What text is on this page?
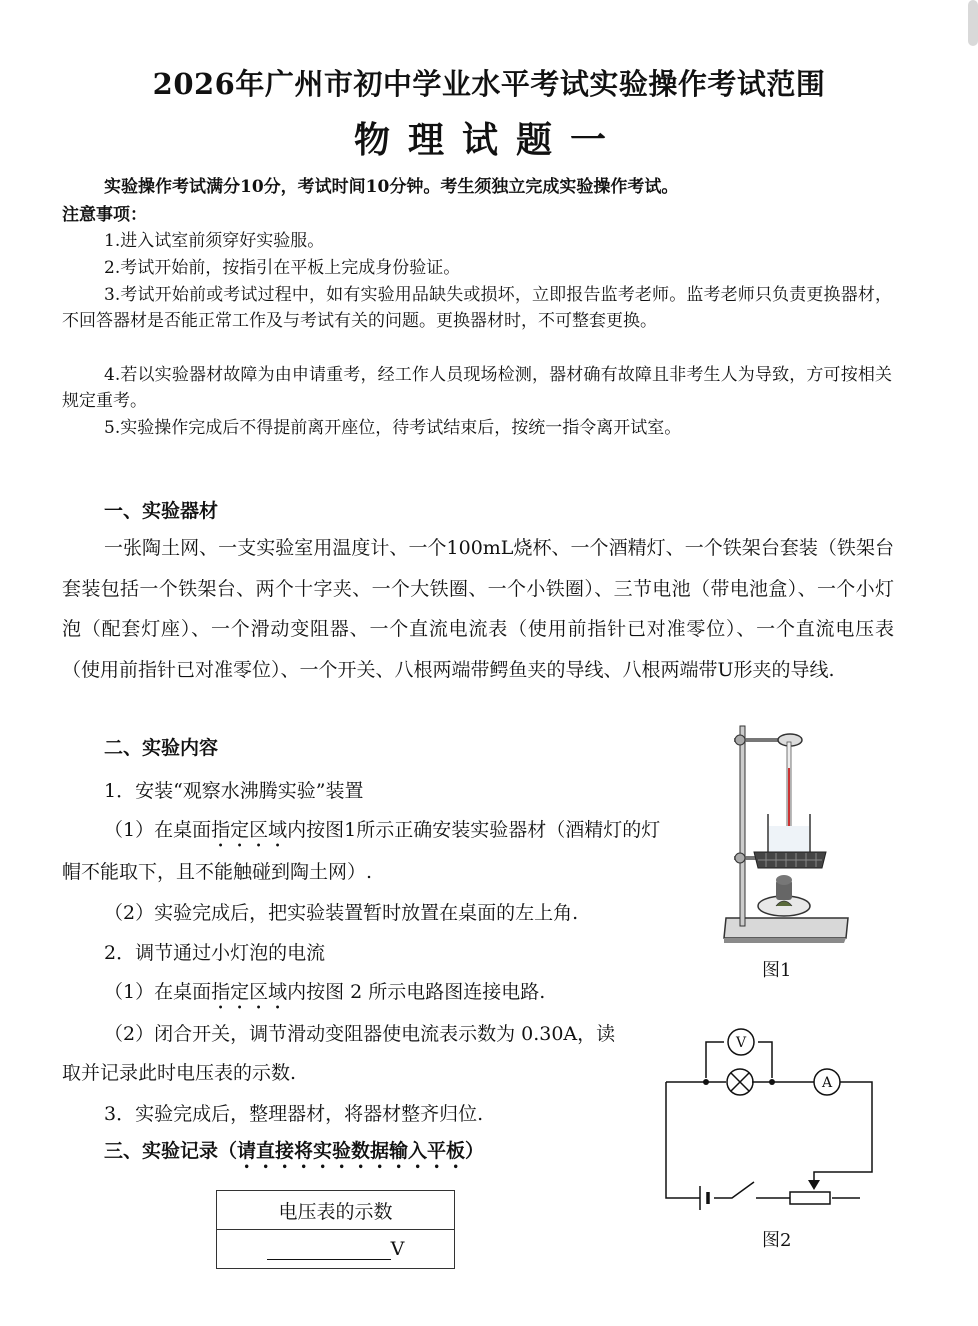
2026年广州市初中学业水平考试实验操作考试范围
物理试题一
实验操作考试满分10分，考试时间10分钟。考生须独立完成实验操作考试。
注意事项：
1.进入试室前须穿好实验服。
2.考试开始前，按指引在平板上完成身份验证。
3.考试开始前或考试过程中，如有实验用品缺失或损坏，立即报告监考老师。监考老师只负责更换器材，不回答器材是否能正常工作及与考试有关的问题。更换器材时，不可整套更换。
4.若以实验器材故障为由申请重考，经工作人员现场检测，器材确有故障且非考生人为导致，方可按相关规定重考。
5.实验操作完成后不得提前离开座位，待考试结束后，按统一指令离开试室。
一、实验器材
一张陶土网、一支实验室用温度计、一个100mL烧杯、一个酒精灯、一个铁架台套装（铁架台套装包括一个铁架台、两个十字夹、一个大铁圈、一个小铁圈）、三节电池（带电池盒）、一个小灯泡（配套灯座）、一个滑动变阻器、一个直流电流表（使用前指针已对准零位）、一个直流电压表（使用前指针已对准零位）、一个开关、八根两端带鳄鱼夹的导线、八根两端带U形夹的导线.
二、实验内容
1．安装“观察水沸腾实验”装置
（1）在桌面指定区域内按图1所示正确安装实验器材（酒精灯的灯
帽不能取下，且不能触碰到陶土网）.
（2）实验完成后，把实验装置暂时放置在桌面的左上角.
2．调节通过小灯泡的电流
（1）在桌面指定区域内按图 2 所示电路图连接电路.
（2）闭合开关，调节滑动变阻器使电流表示数为 0.30A，读
取并记录此时电压表的示数.
3．实验完成后，整理器材，将器材整齐归位.
三、实验记录（请直接将实验数据输入平板）
电压表的示数
V
图1
V
A
图2
